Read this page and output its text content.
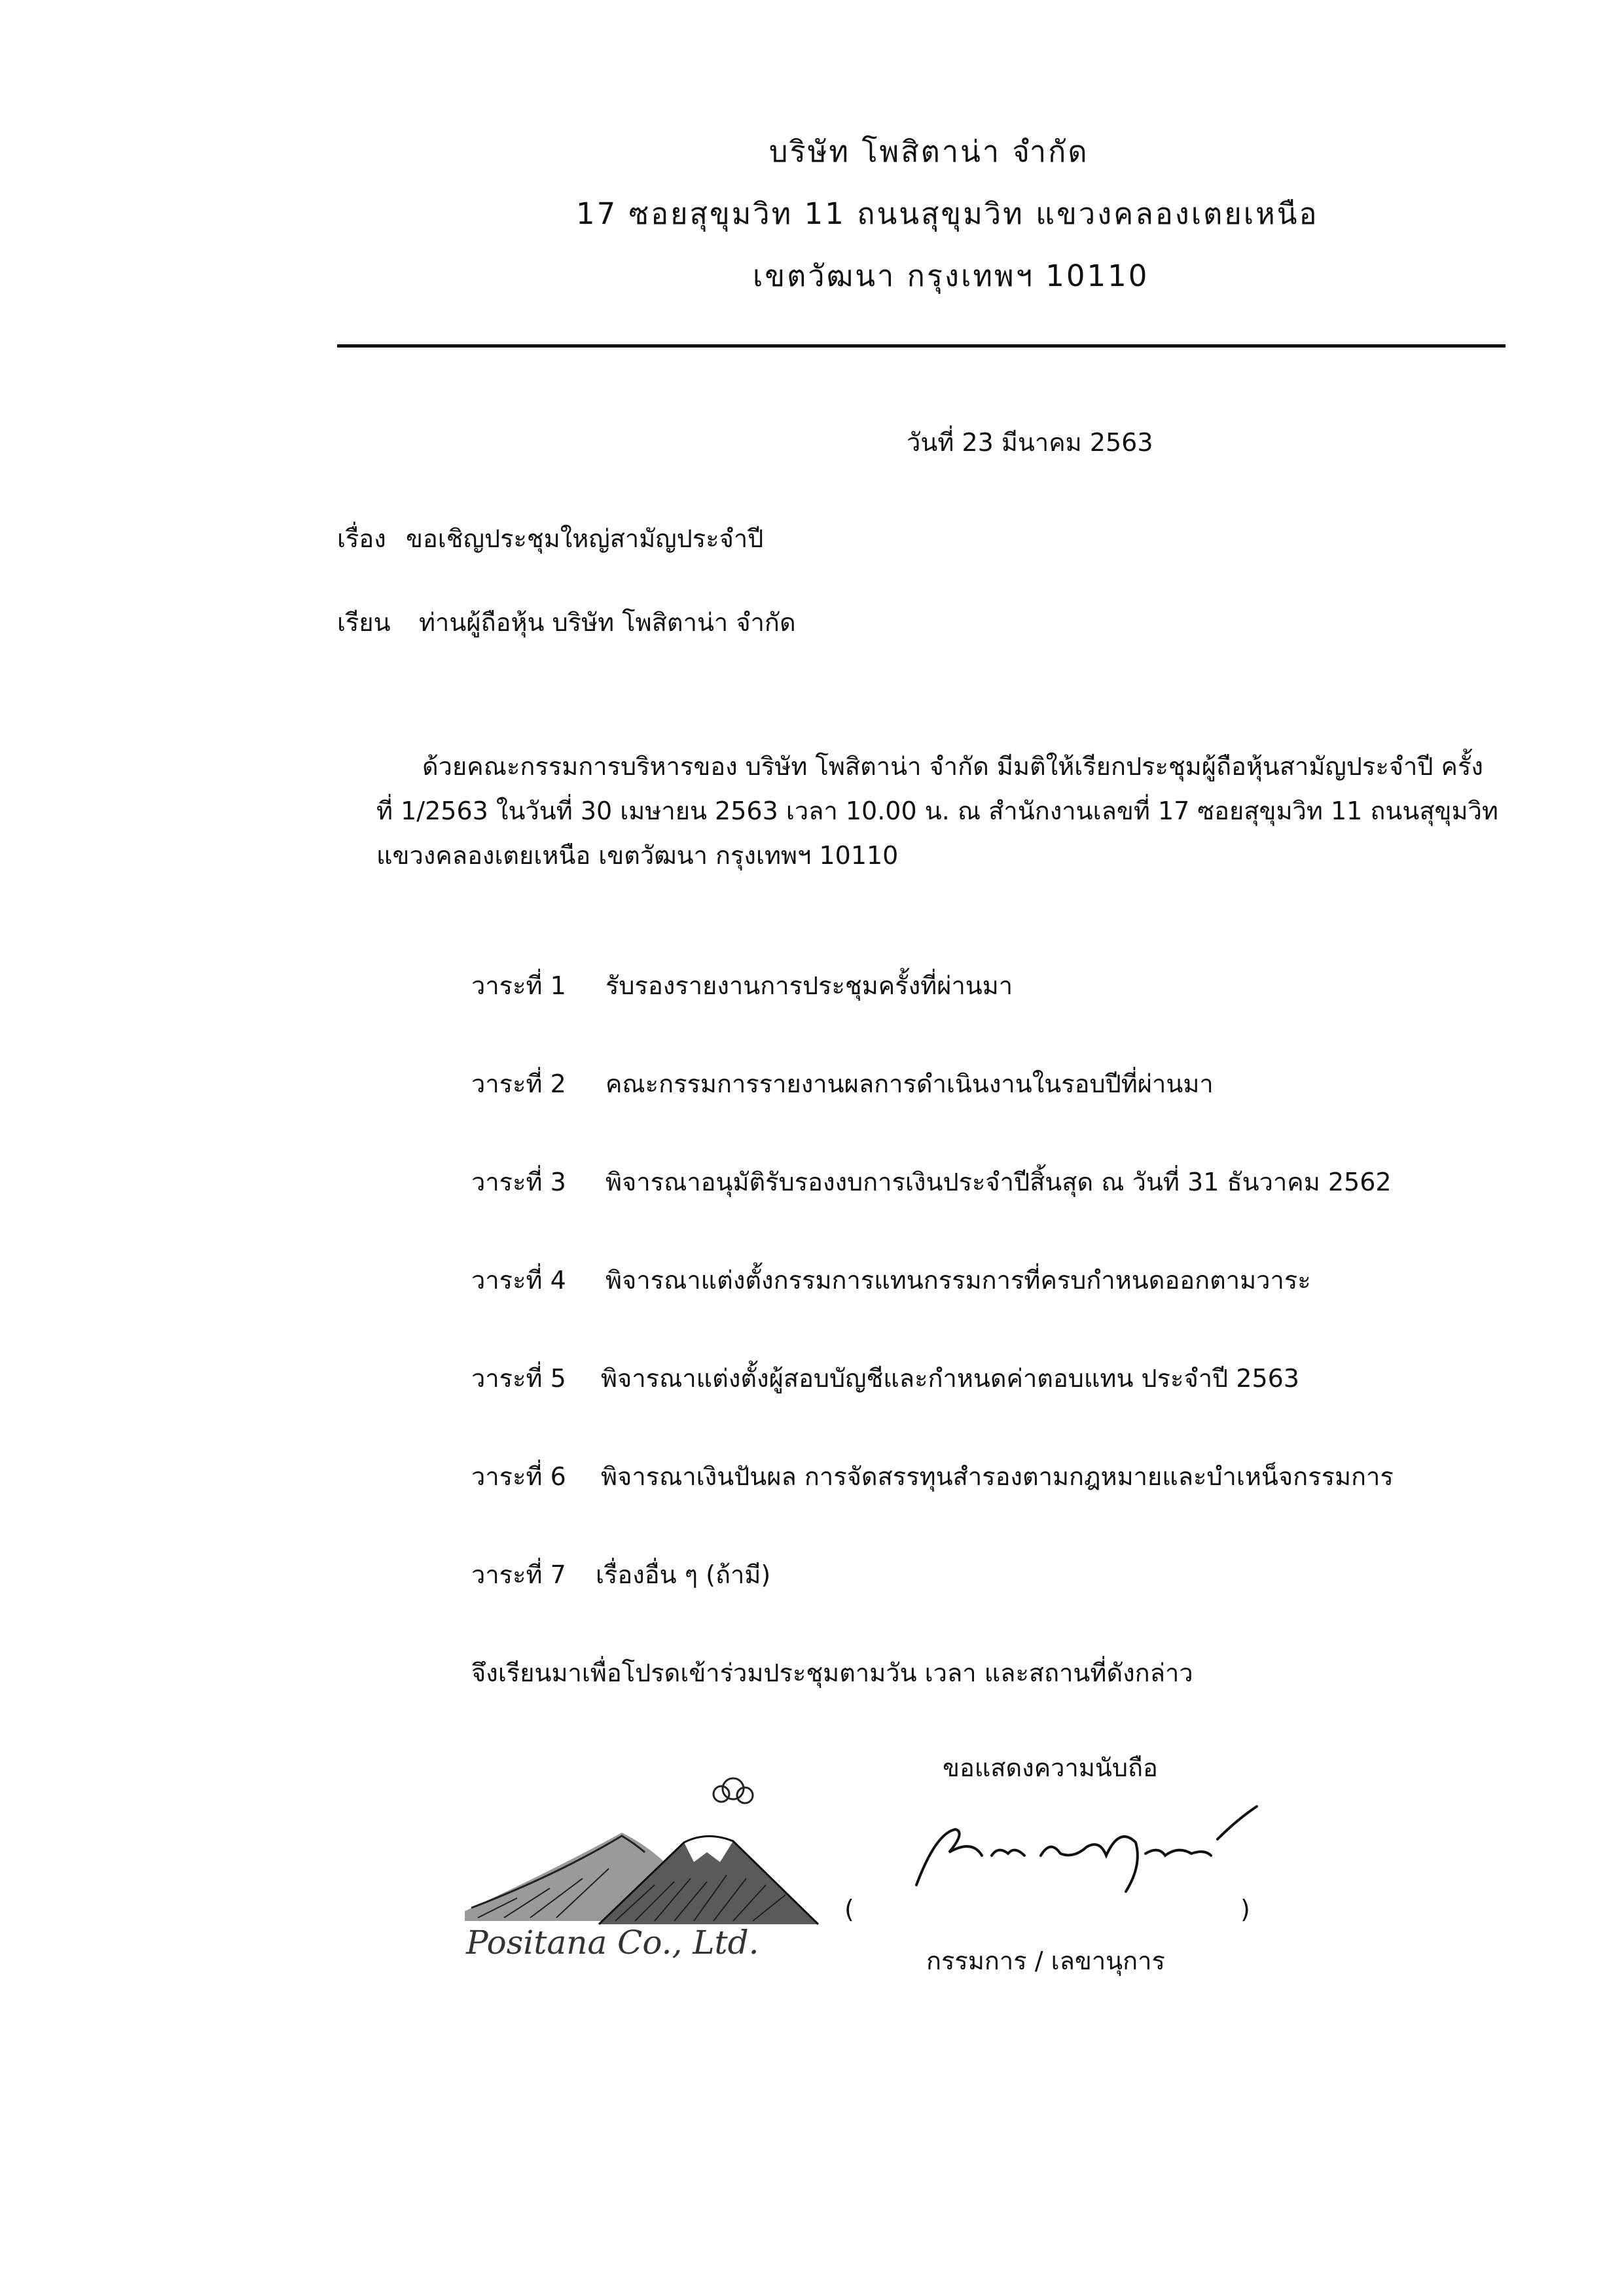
บริษัท โพสิตาน่า จำกัด
17 ซอยสุขุมวิท 11 ถนนสุขุมวิท แขวงคลองเตยเหนือ
เขตวัฒนา กรุงเทพฯ 10110
วันที่ 23 มีนาคม 2563
เรื่อง ขอเชิญประชุมใหญ่สามัญประจำปี
เรียน ท่านผู้ถือหุ้น บริษัท โพสิตาน่า จำกัด
ด้วยคณะกรรมการบริหารของ บริษัท โพสิตาน่า จำกัด มีมติให้เรียกประชุมผู้ถือหุ้นสามัญประจำปี ครั้ง
ที่ 1/2563 ในวันที่ 30 เมษายน 2563 เวลา 10.00 น. ณ สำนักงานเลขที่ 17 ซอยสุขุมวิท 11 ถนนสุขุมวิท
แขวงคลองเตยเหนือ เขตวัฒนา กรุงเทพฯ 10110
วาระที่ 1 รับรองรายงานการประชุมครั้งที่ผ่านมา
วาระที่ 2 คณะกรรมการรายงานผลการดำเนินงานในรอบปีที่ผ่านมา
วาระที่ 3 พิจารณาอนุมัติรับรองงบการเงินประจำปีสิ้นสุด ณ วันที่ 31 ธันวาคม 2562
วาระที่ 4 พิจารณาแต่งตั้งกรรมการแทนกรรมการที่ครบกำหนดออกตามวาระ
วาระที่ 5 พิจารณาแต่งตั้งผู้สอบบัญชีและกำหนดค่าตอบแทน ประจำปี 2563
วาระที่ 6 พิจารณาเงินปันผล การจัดสรรทุนสำรองตามกฎหมายและบำเหน็จกรรมการ
วาระที่ 7 เรื่องอื่น ๆ (ถ้ามี)
จึงเรียนมาเพื่อโปรดเข้าร่วมประชุมตามวัน เวลา และสถานที่ดังกล่าว
ขอแสดงความนับถือ
Positana Co., Ltd.
(	)
กรรมการ / เลขานุการ
